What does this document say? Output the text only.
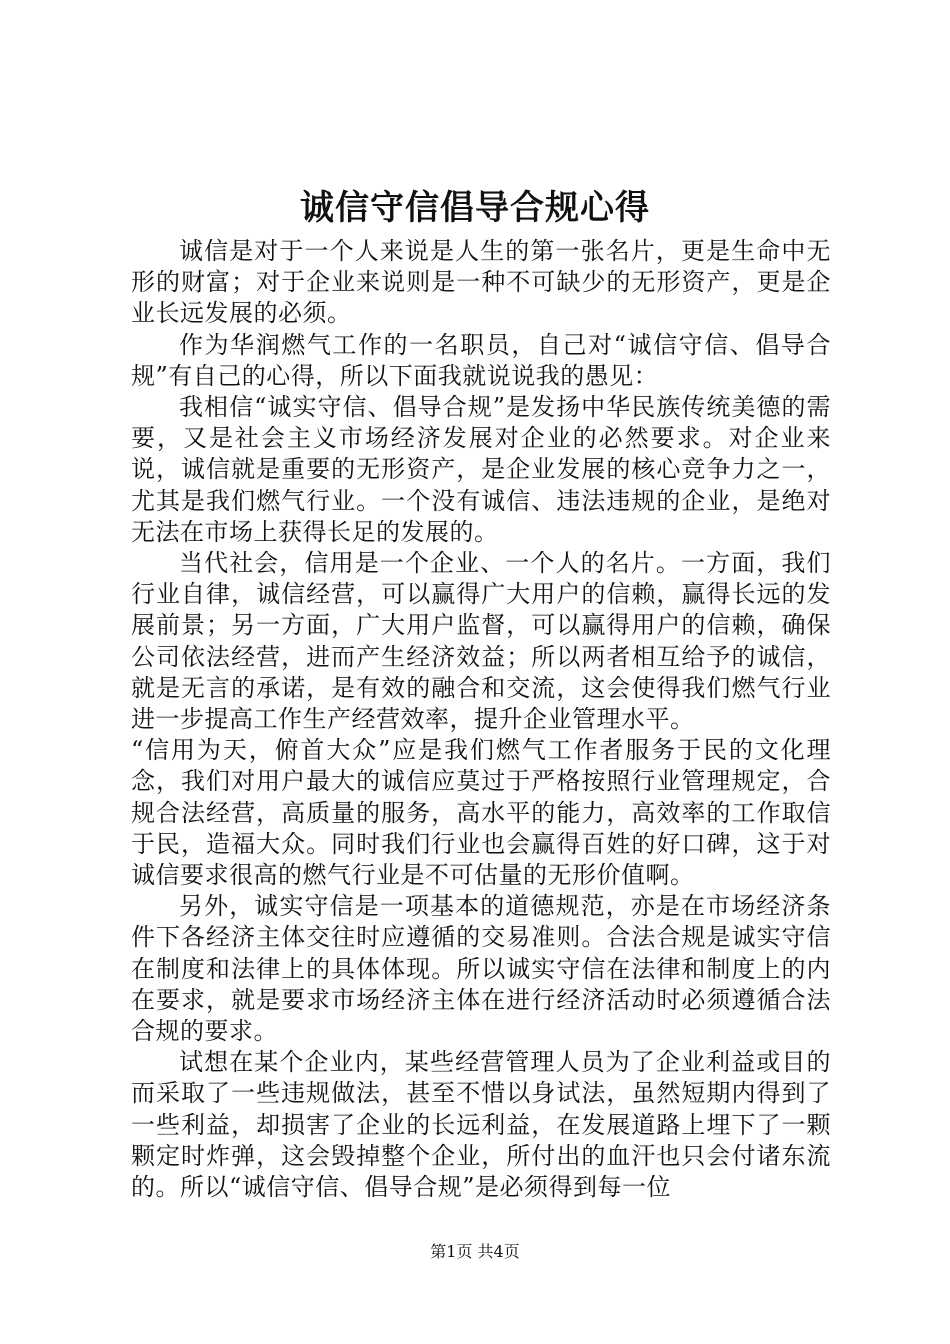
诚信守信倡导合规心得

诚信是对于一个人来说是人生的第一张名片，更是生命中无形的财富；对于企业来说则是一种不可缺少的无形资产，更是企业长远发展的必须。

作为华润燃气工作的一名职员，自己对“诚信守信、倡导合规”有自己的心得，所以下面我就说说我的愚见：

我相信“诚实守信、倡导合规”是发扬中华民族传统美德的需要，又是社会主义市场经济发展对企业的必然要求。对企业来说，诚信就是重要的无形资产，是企业发展的核心竞争力之一，尤其是我们燃气行业。一个没有诚信、违法违规的企业，是绝对无法在市场上获得长足的发展的。

当代社会，信用是一个企业、一个人的名片。一方面，我们行业自律，诚信经营，可以赢得广大用户的信赖，赢得长远的发展前景；另一方面，广大用户监督，可以赢得用户的信赖，确保公司依法经营，进而产生经济效益；所以两者相互给予的诚信，就是无言的承诺，是有效的融合和交流，这会使得我们燃气行业进一步提高工作生产经营效率，提升企业管理水平。

“信用为天，俯首大众”应是我们燃气工作者服务于民的文化理念，我们对用户最大的诚信应莫过于严格按照行业管理规定，合规合法经营，高质量的服务，高水平的能力，高效率的工作取信于民，造福大众。同时我们行业也会赢得百姓的好口碑，这于对诚信要求很高的燃气行业是不可估量的无形价值啊。

另外，诚实守信是一项基本的道德规范，亦是在市场经济条件下各经济主体交往时应遵循的交易准则。合法合规是诚实守信在制度和法律上的具体体现。所以诚实守信在法律和制度上的内在要求，就是要求市场经济主体在进行经济活动时必须遵循合法合规的要求。

试想在某个企业内，某些经营管理人员为了企业利益或目的而采取了一些违规做法，甚至不惜以身试法，虽然短期内得到了一些利益，却损害了企业的长远利益，在发展道路上埋下了一颗颗定时炸弹，这会毁掉整个企业，所付出的血汗也只会付诸东流的。所以“诚信守信、倡导合规”是必须得到每一位

第1页 共4页
